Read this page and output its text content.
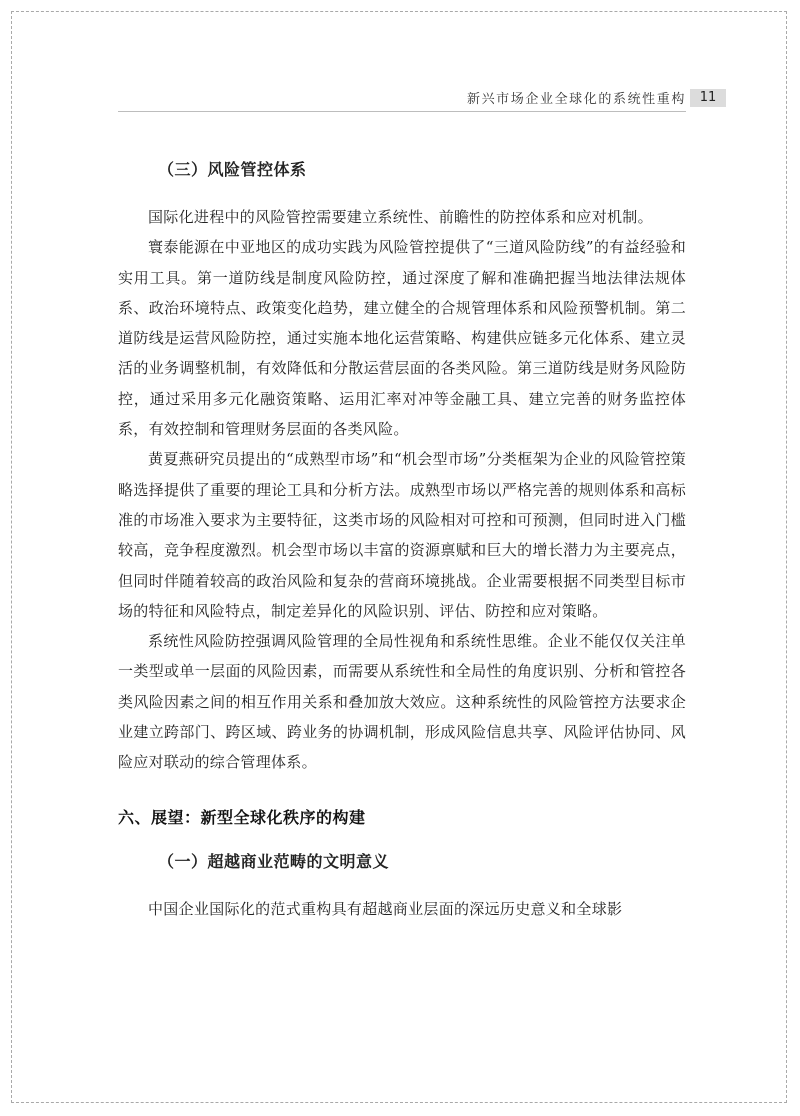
新兴市场企业全球化的系统性重构	11
（三）风险管控体系

国际化进程中的风险管控需要建立系统性、前瞻性的防控体系和应对机制。

寰泰能源在中亚地区的成功实践为风险管控提供了“三道风险防线”的有益经验和实用工具。第一道防线是制度风险防控，通过深度了解和准确把握当地法律法规体系、政治环境特点、政策变化趋势，建立健全的合规管理体系和风险预警机制。第二道防线是运营风险防控，通过实施本地化运营策略、构建供应链多元化体系、建立灵活的业务调整机制，有效降低和分散运营层面的各类风险。第三道防线是财务风险防控，通过采用多元化融资策略、运用汇率对冲等金融工具、建立完善的财务监控体系，有效控制和管理财务层面的各类风险。

黄夏燕研究员提出的“成熟型市场”和“机会型市场”分类框架为企业的风险管控策略选择提供了重要的理论工具和分析方法。成熟型市场以严格完善的规则体系和高标准的市场准入要求为主要特征，这类市场的风险相对可控和可预测，但同时进入门槛较高，竞争程度激烈。机会型市场以丰富的资源禀赋和巨大的增长潜力为主要亮点，但同时伴随着较高的政治风险和复杂的营商环境挑战。企业需要根据不同类型目标市场的特征和风险特点，制定差异化的风险识别、评估、防控和应对策略。

系统性风险防控强调风险管理的全局性视角和系统性思维。企业不能仅仅关注单一类型或单一层面的风险因素，而需要从系统性和全局性的角度识别、分析和管控各类风险因素之间的相互作用关系和叠加放大效应。这种系统性的风险管控方法要求企业建立跨部门、跨区域、跨业务的协调机制，形成风险信息共享、风险评估协同、风险应对联动的综合管理体系。

六、展望：新型全球化秩序的构建
（一）超越商业范畴的文明意义

中国企业国际化的范式重构具有超越商业层面的深远历史意义和全球影
